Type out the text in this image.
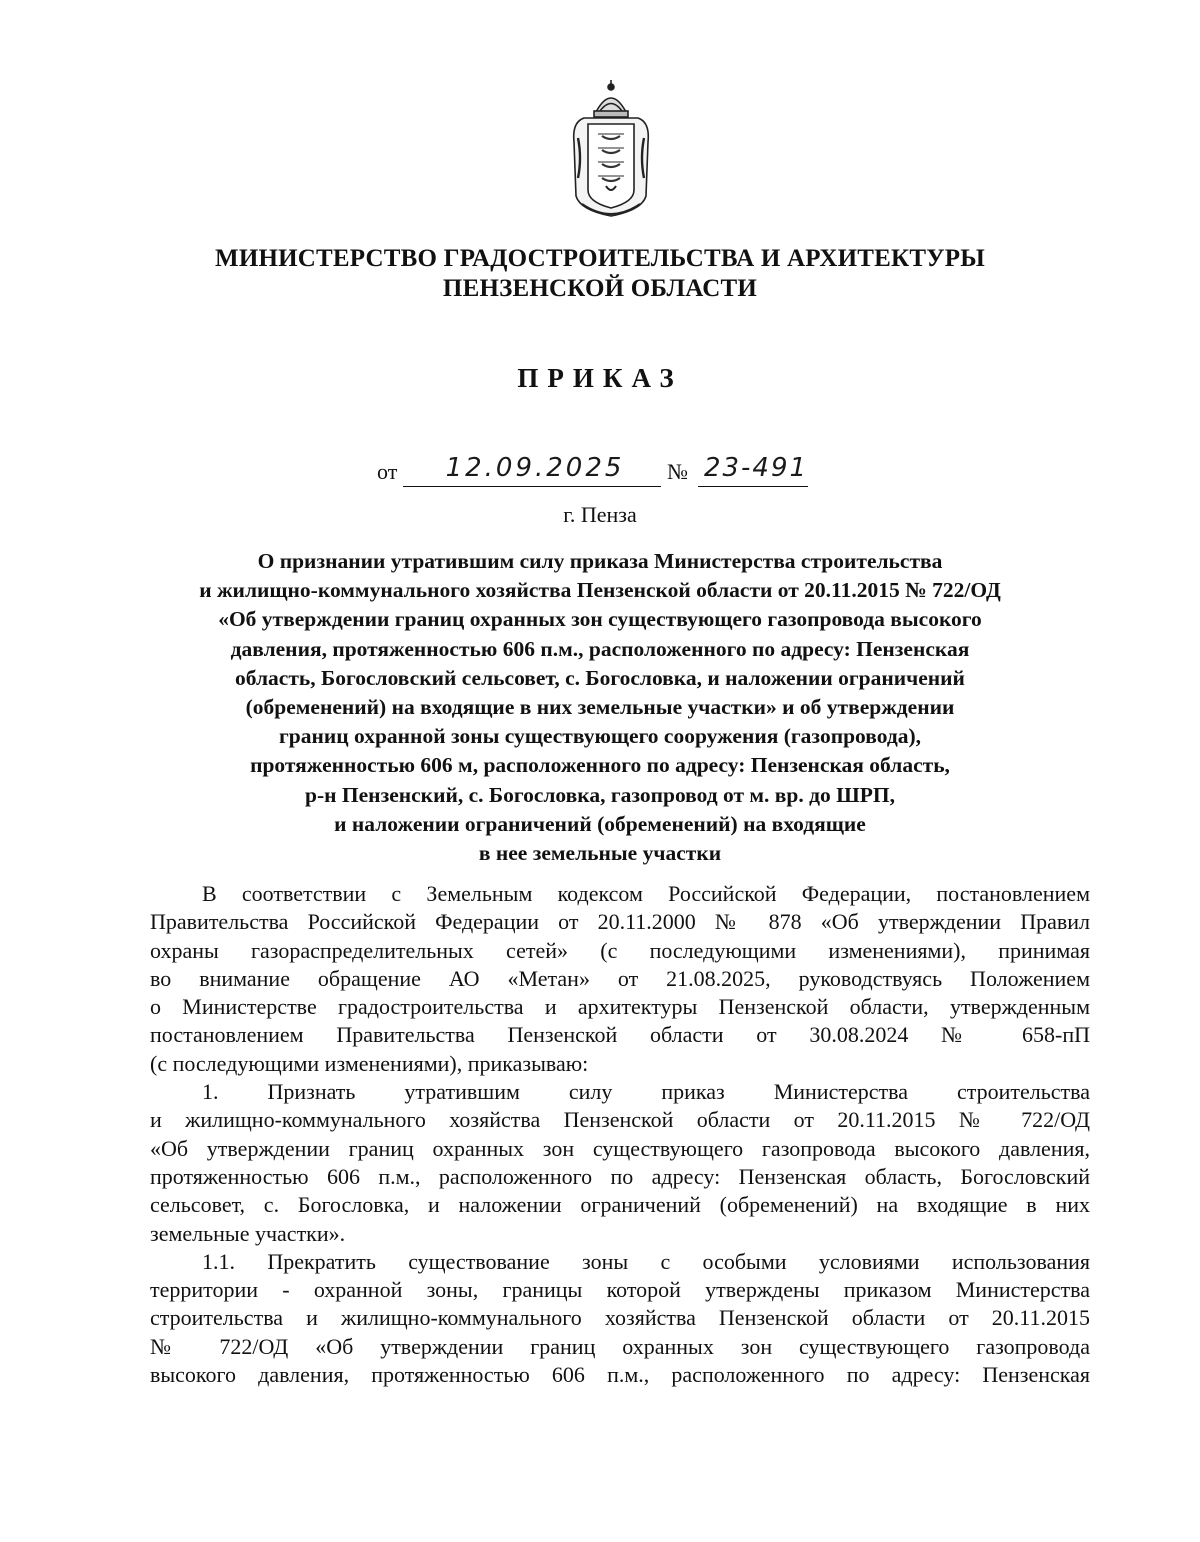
МИНИСТЕРСТВО ГРАДОСТРОИТЕЛЬСТВА И АРХИТЕКТУРЫ
ПЕНЗЕНСКОЙ ОБЛАСТИ
ПРИКАЗ
от	12.09.2025	№ 23-491
г. Пенза
О признании утратившим силу приказа Министерства строительства
и жилищно-коммунального хозяйства Пензенской области от 20.11.2015 № 722/ОД
«Об утверждении границ охранных зон существующего газопровода высокого
давления, протяженностью 606 п.м., расположенного по адресу: Пензенская
область, Богословский сельсовет, с. Богословка, и наложении ограничений
(обременений) на входящие в них земельные участки» и об утверждении
границ охранной зоны существующего сооружения (газопровода),
протяженностью 606 м, расположенного по адресу: Пензенская область,
р-н Пензенский, с. Богословка, газопровод от м. вр. до ШРП,
и наложении ограничений (обременений) на входящие
в нее земельные участки
В соответствии с Земельным кодексом Российской Федерации, постановлением
Правительства Российской Федерации от 20.11.2000 № 878 «Об утверждении Правил
охраны газораспределительных сетей» (с последующими изменениями), принимая
во внимание обращение АО «Метан» от 21.08.2025, руководствуясь Положением
о Министерстве градостроительства и архитектуры Пензенской области, утвержденным
постановлением Правительства Пензенской области от 30.08.2024 № 658-пП
(с последующими изменениями), приказываю:
1. Признать утратившим силу приказ Министерства строительства
и жилищно-коммунального хозяйства Пензенской области от 20.11.2015 № 722/ОД
«Об утверждении границ охранных зон существующего газопровода высокого давления,
протяженностью 606 п.м., расположенного по адресу: Пензенская область, Богословский
сельсовет, с. Богословка, и наложении ограничений (обременений) на входящие в них
земельные участки».
1.1. Прекратить существование зоны с особыми условиями использования
территории - охранной зоны, границы которой утверждены приказом Министерства
строительства и жилищно-коммунального хозяйства Пензенской области от 20.11.2015
№ 722/ОД «Об утверждении границ охранных зон существующего газопровода
высокого давления, протяженностью 606 п.м., расположенного по адресу: Пензенская
